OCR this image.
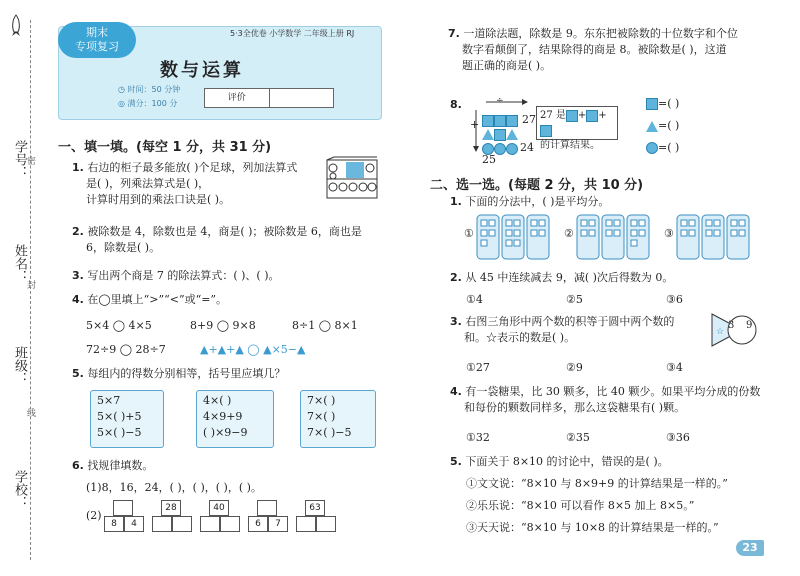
学号：
姓名：
班级：
学校：
密
封
线
期末
专项复习
5·3全优卷 小学数学 二年级上册 RJ
数与运算
◷ 时间：50 分钟
◎ 满分：100 分
评价
一、填一填。(每空 1 分，共 31 分)
1. 右边的柜子最多能放( )个足球，列加法算式
是( )，列乘法算式是( )，
计算时用到的乘法口诀是( )。
2. 被除数是 4，除数也是 4，商是( )；被除数是 6，商也是
6，除数是( )。
3. 写出两个商是 7 的除法算式：( )、( )。
4. 在◯里填上“>”“<”或“=”。
5×4 ◯ 4×5	8+9 ◯ 9×8	8÷1 ◯ 8×1
72÷9 ◯ 28÷7	▲+▲+▲ ◯ ▲×5−▲
5. 每组内的得数分别相等，括号里应填几？
5×7
5×( )+5
5×( )−5
4×( )
4×9+9
( )×9−9
7×( )
7×( )
7×( )−5
6. 找规律填数。
(1)8，16，24，( )，( )，( )，( )。
(2)
8	4
28	40
6	7
63
7. 一道除法题，除数是 9。东东把被除数的十位数字和个位
数字看颠倒了，结果除得的商是 8。被除数是( )，这道
题正确的商是( )。
8.	÷
+	27
25
24
27 是 + +
的计算结果。
=( )
=( )
=( )
二、选一选。(每题 2 分，共 10 分)
1. 下面的分法中，( )是平均分。
①	②	③
2. 从 45 中连续减去 9，减( )次后得数为 0。
①4	②5	③6
3. 右图三角形中两个数的积等于圆中两个数的
和。☆表示的数是( )。	☆
3 9
①27	②9	③4
4. 有一袋糖果，比 30 颗多，比 40 颗少。如果平均分成的份数
和每份的颗数同样多，那么这袋糖果有( )颗。
①32	②35	③36
5. 下面关于 8×10 的讨论中，错误的是( )。
①文文说：“8×10 与 8×9+9 的计算结果是一样的。”
②乐乐说：“8×10 可以看作 8×5 加上 8×5。”
③天天说：“8×10 与 10×8 的计算结果是一样的。”
23
